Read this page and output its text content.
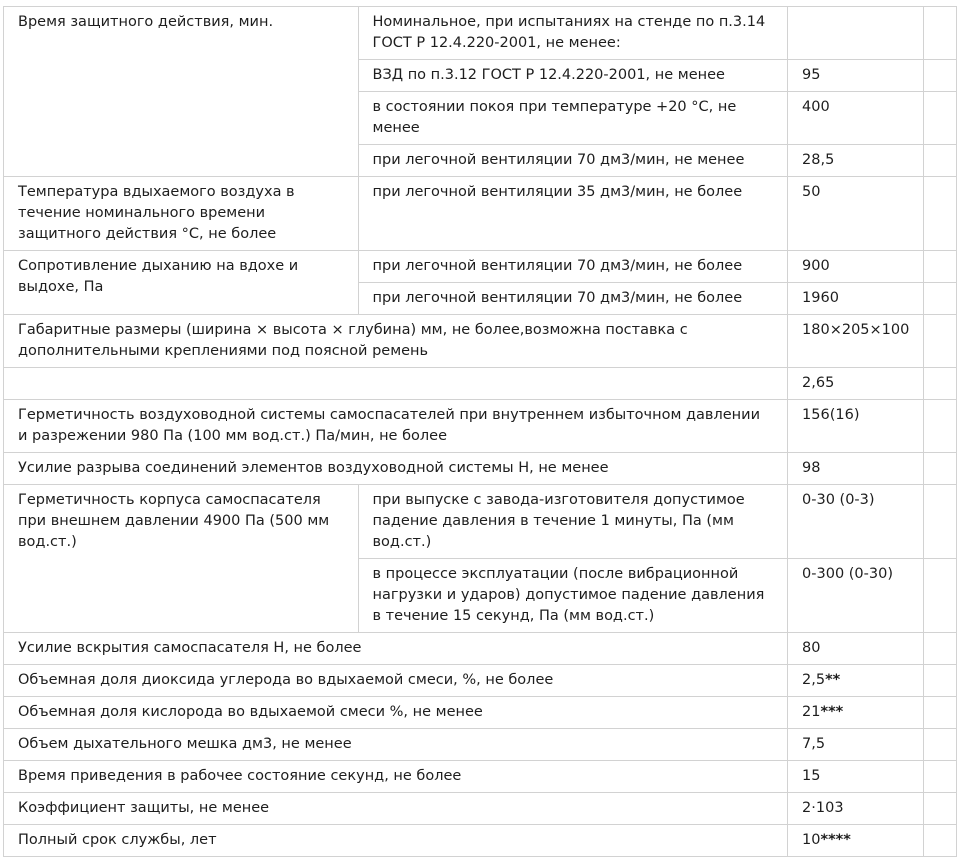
Время защитного действия, мин.	Номинальное, при испытаниях на стенде по п.3.14 ГОСТ Р 12.4.220-2001, не менее:		
	ВЗД по п.3.12 ГОСТ Р 12.4.220-2001, не менее	95	
	в состоянии покоя при температуре +20 °С, не менее	400	
	при легочной вентиляции 70 дм3/мин, не менее	28,5	
Температура вдыхаемого воздуха в течение номинального времени защитного действия °С, не более	при легочной вентиляции 35 дм3/мин, не более	50	
Сопротивление дыханию на вдохе и выдохе, Па	при легочной вентиляции 70 дм3/мин, не более	900	
	при легочной вентиляции 70 дм3/мин, не более	1960	
Габаритные размеры (ширина × высота × глубина) мм, не более,возможна поставка с дополнительными креплениями под поясной ремень		180×205×100	
		2,65	
Герметичность воздуховодной системы самоспасателей при внутреннем избыточном давлении и разрежении 980 Па (100 мм вод.ст.) Па/мин, не более		156(16)	
Усилие разрыва соединений элементов воздуховодной системы Н, не менее		98	
Герметичность корпуса самоспасателя при внешнем давлении 4900 Па (500 мм вод.ст.)	при выпуске с завода-изготовителя допустимое падение давления в течение 1 минуты, Па (мм вод.ст.)	0-30 (0-3)	
	в процессе эксплуатации (после вибрационной нагрузки и ударов) допустимое падение давления в течение 15 секунд, Па (мм вод.ст.)	0-300 (0-30)	
Усилие вскрытия самоспасателя Н, не более		80	
Объемная доля диоксида углерода во вдыхаемой смеси, %, не более		2,5**	
Объемная доля кислорода во вдыхаемой смеси %, не менее		21***	
Объем дыхательного мешка дм3, не менее		7,5	
Время приведения в рабочее состояние секунд, не более		15	
Коэффициент защиты, не менее		2·103	
Полный срок службы, лет		10****	
